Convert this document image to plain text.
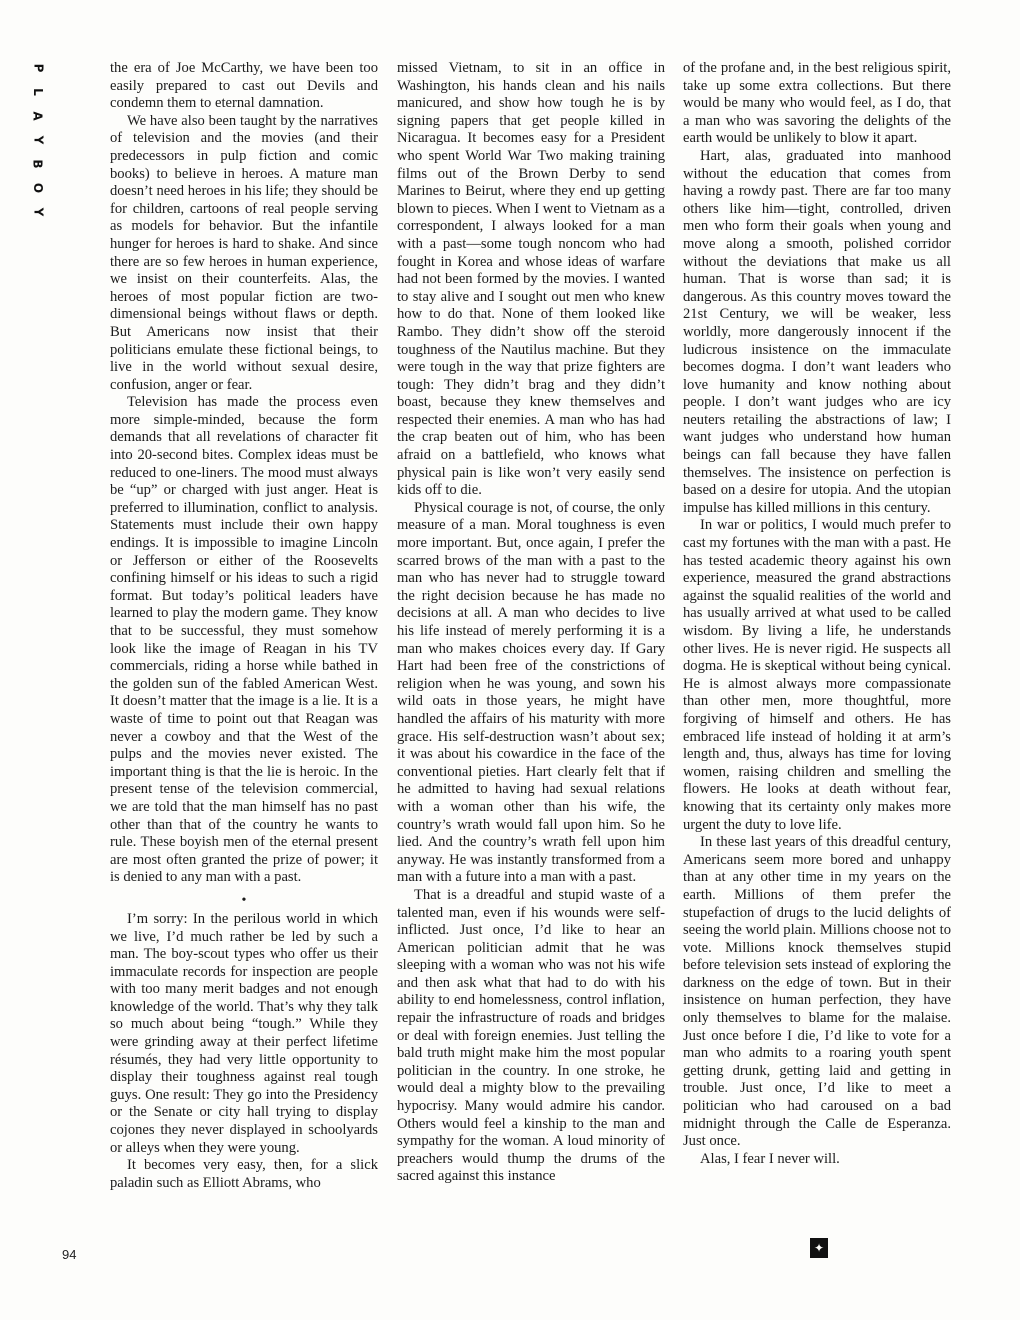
P
L
A
Y
B
O
Y

the era of Joe McCarthy, we have been too easily prepared to cast out Devils and condemn them to eternal damnation.

We have also been taught by the narratives of television and the movies (and their predecessors in pulp fiction and comic books) to believe in heroes. A mature man doesn’t need heroes in his life; they should be for children, cartoons of real people serving as models for behavior. But the infantile hunger for heroes is hard to shake. And since there are so few heroes in human experience, we insist on their counterfeits. Alas, the heroes of most popular fiction are two-dimensional beings without flaws or depth. But Americans now insist that their politicians emulate these fictional beings, to live in the world without sexual desire, confusion, anger or fear.

Television has made the process even more simple-minded, because the form demands that all revelations of character fit into 20-second bites. Complex ideas must be reduced to one-liners. The mood must always be “up” or charged with just anger. Heat is preferred to illumination, conflict to analysis. Statements must include their own happy endings. It is impossible to imagine Lincoln or Jefferson or either of the Roosevelts confining himself or his ideas to such a rigid format. But today’s political leaders have learned to play the modern game. They know that to be successful, they must somehow look like the image of Reagan in his TV commercials, riding a horse while bathed in the golden sun of the fabled American West. It doesn’t matter that the image is a lie. It is a waste of time to point out that Reagan was never a cowboy and that the West of the pulps and the movies never existed. The important thing is that the lie is heroic. In the present tense of the television commercial, we are told that the man himself has no past other than that of the country he wants to rule. These boyish men of the eternal present are most often granted the prize of power; it is denied to any man with a past.

•

I’m sorry: In the perilous world in which we live, I’d much rather be led by such a man. The boy-scout types who offer us their immaculate records for inspection are people with too many merit badges and not enough knowledge of the world. That’s why they talk so much about being “tough.” While they were grinding away at their perfect lifetime résumés, they had very little opportunity to display their toughness against real tough guys. One result: They go into the Presidency or the Senate or city hall trying to display cojones they never displayed in schoolyards or alleys when they were young.

It becomes very easy, then, for a slick paladin such as Elliott Abrams, who

missed Vietnam, to sit in an office in Washington, his hands clean and his nails manicured, and show how tough he is by signing papers that get people killed in Nicaragua. It becomes easy for a President who spent World War Two making training films out of the Brown Derby to send Marines to Beirut, where they end up getting blown to pieces. When I went to Vietnam as a correspondent, I always looked for a man with a past—some tough noncom who had fought in Korea and whose ideas of warfare had not been formed by the movies. I wanted to stay alive and I sought out men who knew how to do that. None of them looked like Rambo. They didn’t show off the steroid toughness of the Nautilus machine. But they were tough in the way that prize fighters are tough: They didn’t brag and they didn’t boast, because they knew themselves and respected their enemies. A man who has had the crap beaten out of him, who has been afraid on a battlefield, who knows what physical pain is like won’t very easily send kids off to die.

Physical courage is not, of course, the only measure of a man. Moral toughness is even more important. But, once again, I prefer the scarred brows of the man with a past to the man who has never had to struggle toward the right decision because he has made no decisions at all. A man who decides to live his life instead of merely performing it is a man who makes choices every day. If Gary Hart had been free of the constrictions of religion when he was young, and sown his wild oats in those years, he might have handled the affairs of his maturity with more grace. His self-destruction wasn’t about sex; it was about his cowardice in the face of the conventional pieties. Hart clearly felt that if he admitted to having had sexual relations with a woman other than his wife, the country’s wrath would fall upon him. So he lied. And the country’s wrath fell upon him anyway. He was instantly transformed from a man with a future into a man with a past.

That is a dreadful and stupid waste of a talented man, even if his wounds were self-inflicted. Just once, I’d like to hear an American politician admit that he was sleeping with a woman who was not his wife and then ask what that had to do with his ability to end homelessness, control inflation, repair the infrastructure of roads and bridges or deal with foreign enemies. Just telling the bald truth might make him the most popular politician in the country. In one stroke, he would deal a mighty blow to the prevailing hypocrisy. Many would admire his candor. Others would feel a kinship to the man and sympathy for the woman. A loud minority of preachers would thump the drums of the sacred against this instance

of the profane and, in the best religious spirit, take up some extra collections. But there would be many who would feel, as I do, that a man who was savoring the delights of the earth would be unlikely to blow it apart.

Hart, alas, graduated into manhood without the education that comes from having a rowdy past. There are far too many others like him—tight, controlled, driven men who form their goals when young and move along a smooth, polished corridor without the deviations that make us all human. That is worse than sad; it is dangerous. As this country moves toward the 21st Century, we will be weaker, less worldly, more dangerously innocent if the ludicrous insistence on the immaculate becomes dogma. I don’t want leaders who love humanity and know nothing about people. I don’t want judges who are icy neuters retailing the abstractions of law; I want judges who understand how human beings can fall because they have fallen themselves. The insistence on perfection is based on a desire for utopia. And the utopian impulse has killed millions in this century.

In war or politics, I would much prefer to cast my fortunes with the man with a past. He has tested academic theory against his own experience, measured the grand abstractions against the squalid realities of the world and has usually arrived at what used to be called wisdom. By living a life, he understands other lives. He is never rigid. He suspects all dogma. He is skeptical without being cynical. He is almost always more compassionate than other men, more thoughtful, more forgiving of himself and others. He has embraced life instead of holding it at arm’s length and, thus, always has time for loving women, raising children and smelling the flowers. He looks at death without fear, knowing that its certainty only makes more urgent the duty to love life.

In these last years of this dreadful century, Americans seem more bored and unhappy than at any other time in my years on the earth. Millions of them prefer the stupefaction of drugs to the lucid delights of seeing the world plain. Millions choose not to vote. Millions knock themselves stupid before television sets instead of exploring the darkness on the edge of town. But in their insistence on human perfection, they have only themselves to blame for the malaise. Just once before I die, I’d like to vote for a man who admits to a roaring youth spent getting drunk, getting laid and getting in trouble. Just once, I’d like to meet a politician who had caroused on a bad midnight through the Calle de Esperanza. Just once.

Alas, I fear I never will.

94	✦
